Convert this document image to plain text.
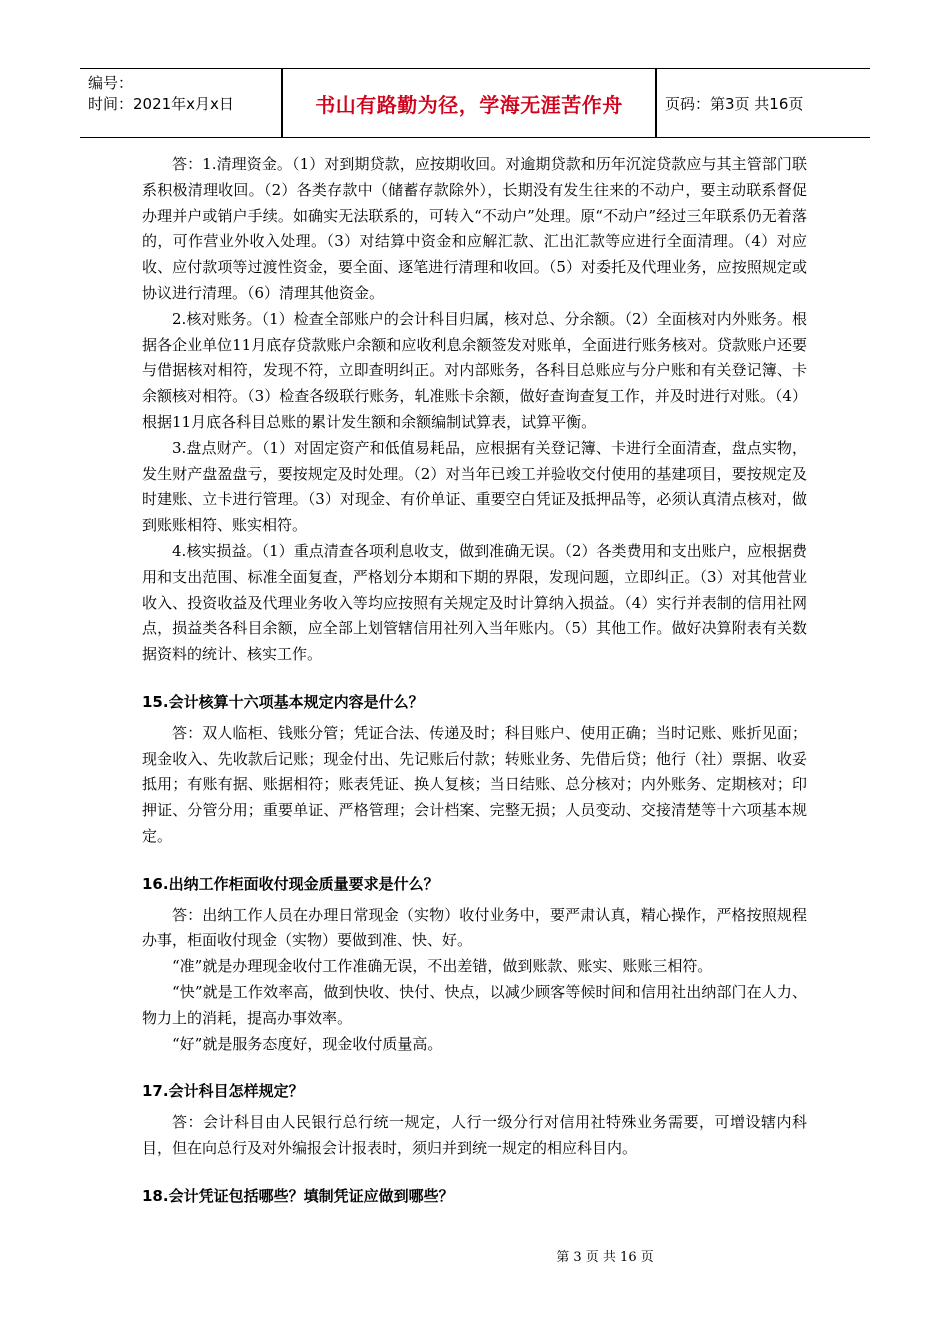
编号：
时间：2021年x月x日	书山有路勤为径，学海无涯苦作舟	页码：第3页 共16页

答：1.清理资金。（1）对到期贷款，应按期收回。对逾期贷款和历年沉淀贷款应与其主管部门联系积极清理收回。（2）各类存款中（储蓄存款除外），长期没有发生往来的不动户，要主动联系督促办理并户或销户手续。如确实无法联系的，可转入“不动户”处理。原“不动户”经过三年联系仍无着落的，可作营业外收入处理。（3）对结算中资金和应解汇款、汇出汇款等应进行全面清理。（4）对应收、应付款项等过渡性资金，要全面、逐笔进行清理和收回。（5）对委托及代理业务，应按照规定或协议进行清理。（6）清理其他资金。

2.核对账务。（1）检查全部账户的会计科目归属，核对总、分余额。（2）全面核对内外账务。根据各企业单位11月底存贷款账户余额和应收利息余额签发对账单，全面进行账务核对。贷款账户还要与借据核对相符，发现不符，立即查明纠正。对内部账务，各科目总账应与分户账和有关登记簿、卡余额核对相符。（3）检查各级联行账务，轧准账卡余额，做好查询查复工作，并及时进行对账。（4）根据11月底各科目总账的累计发生额和余额编制试算表，试算平衡。

3.盘点财产。（1）对固定资产和低值易耗品，应根据有关登记簿、卡进行全面清查，盘点实物，发生财产盘盈盘亏，要按规定及时处理。（2）对当年已竣工并验收交付使用的基建项目，要按规定及时建账、立卡进行管理。（3）对现金、有价单证、重要空白凭证及抵押品等，必须认真清点核对，做到账账相符、账实相符。

4.核实损益。（1）重点清查各项利息收支，做到准确无误。（2）各类费用和支出账户，应根据费用和支出范围、标准全面复查，严格划分本期和下期的界限，发现问题，立即纠正。（3）对其他营业收入、投资收益及代理业务收入等均应按照有关规定及时计算纳入损益。（4）实行并表制的信用社网点，损益类各科目余额，应全部上划管辖信用社列入当年账内。（5）其他工作。做好决算附表有关数据资料的统计、核实工作。

15.会计核算十六项基本规定内容是什么？

答：双人临柜、钱账分管；凭证合法、传递及时；科目账户、使用正确；当时记账、账折见面；现金收入、先收款后记账；现金付出、先记账后付款；转账业务、先借后贷；他行（社）票据、收妥抵用；有账有据、账据相符；账表凭证、换人复核；当日结账、总分核对；内外账务、定期核对；印押证、分管分用；重要单证、严格管理；会计档案、完整无损；人员变动、交接清楚等十六项基本规定。

16.出纳工作柜面收付现金质量要求是什么？

答：出纳工作人员在办理日常现金（实物）收付业务中，要严肃认真，精心操作，严格按照规程办事，柜面收付现金（实物）要做到准、快、好。

“准”就是办理现金收付工作准确无误，不出差错，做到账款、账实、账账三相符。

“快”就是工作效率高，做到快收、快付、快点，以减少顾客等候时间和信用社出纳部门在人力、物力上的消耗，提高办事效率。

“好”就是服务态度好，现金收付质量高。

17.会计科目怎样规定？

答：会计科目由人民银行总行统一规定，人行一级分行对信用社特殊业务需要，可增设辖内科目，但在向总行及对外编报会计报表时，须归并到统一规定的相应科目内。

18.会计凭证包括哪些？填制凭证应做到哪些？
第 3 页 共 16 页
